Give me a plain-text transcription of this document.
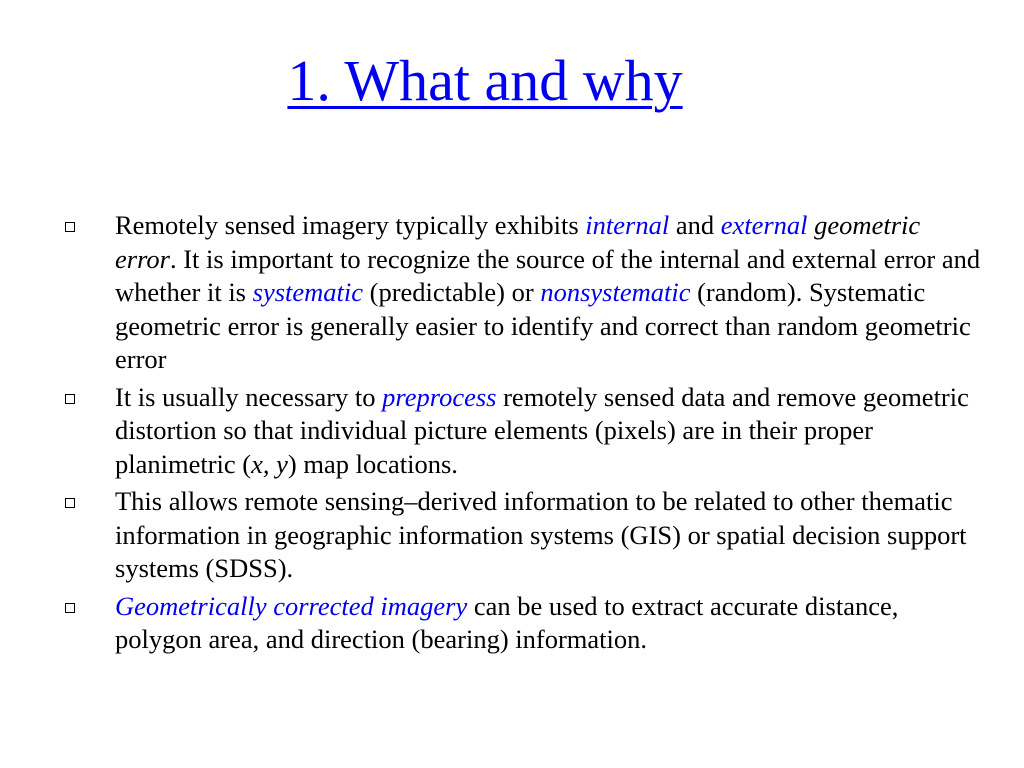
1. What and why
Remotely sensed imagery typically exhibits internal and external geometric error. It is important to recognize the source of the internal and external error and whether it is systematic (predictable) or nonsystematic (random). Systematic geometric error is generally easier to identify and correct than random geometric error
It is usually necessary to preprocess remotely sensed data and remove geometric distortion so that individual picture elements (pixels) are in their proper planimetric (x, y) map locations.
This allows remote sensing–derived information to be related to other thematic information in geographic information systems (GIS) or spatial decision support systems (SDSS).
Geometrically corrected imagery can be used to extract accurate distance, polygon area, and direction (bearing) information.
